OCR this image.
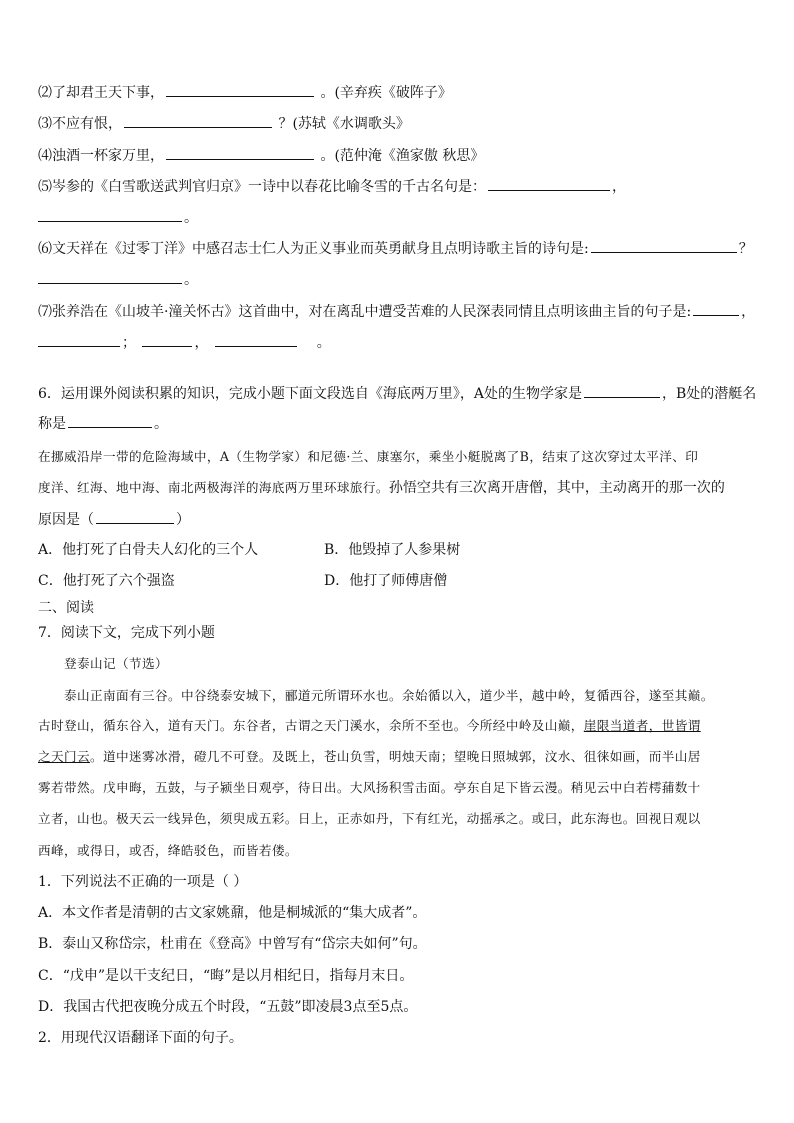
⑵了却君王天下事，	。(辛弃疾《破阵子》
⑶不应有恨，	？(苏轼《水调歌头》
⑷浊酒一杯家万里，	。(范仲淹《渔家傲 秋思》
⑸岑参的《白雪歌送武判官归京》一诗中以春花比喻冬雪的千古名句是：	，
。
⑹文天祥在《过零丁洋》中感召志士仁人为正义事业而英勇献身且点明诗歌主旨的诗句是:	？
。
⑺张养浩在《山坡羊·潼关怀古》这首曲中，对在离乱中遭受苦难的人民深表同情且点明该曲主旨的句子是:	，
；	，	。
6．运用课外阅读积累的知识，完成小题下面文段选自《海底两万里》，A处的生物学家是	，B处的潜艇名
称是	。
在挪威沿岸一带的危险海域中，A（生物学家）和尼德·兰、康塞尔，乘坐小艇脱离了B，结束了这次穿过太平洋、印
度洋、红海、地中海、南北两极海洋的海底两万里环球旅行。孙悟空共有三次离开唐僧，其中，主动离开的那一次的
原因是（	）
A．他打死了白骨夫人幻化的三个人	B．他毁掉了人参果树
C．他打死了六个强盗	D．他打了师傅唐僧
二、阅读
7．阅读下文，完成下列小题
登泰山记（节选）
泰山正南面有三谷。中谷绕泰安城下，郦道元所谓环水也。余始循以入，道少半，越中岭，复循西谷，遂至其巅。
古时登山，循东谷入，道有天门。东谷者，古谓之天门溪水，余所不至也。今所经中岭及山巅，崖限当道者，世皆谓
之天门云。道中迷雾冰滑，磴几不可登。及既上，苍山负雪，明烛天南；望晚日照城郭，汶水、徂徕如画，而半山居
雾若带然。戊申晦，五鼓，与子颍坐日观亭，待日出。大风扬积雪击面。亭东自足下皆云漫。稍见云中白若樗蒱数十
立者，山也。极天云一线异色，须臾成五彩。日上，正赤如丹，下有红光，动摇承之。或曰，此东海也。回视日观以
西峰，或得日，或否，绛皓驳色，而皆若偻。
1．下列说法不正确的一项是（ ）
A．本文作者是清朝的古文家姚鼐，他是桐城派的“集大成者”。
B．泰山又称岱宗，杜甫在《登高》中曾写有“岱宗夫如何”句。
C．“戊申”是以干支纪日，“晦”是以月相纪日，指每月末日。
D．我国古代把夜晚分成五个时段，“五鼓”即凌晨3点至5点。
2．用现代汉语翻译下面的句子。
